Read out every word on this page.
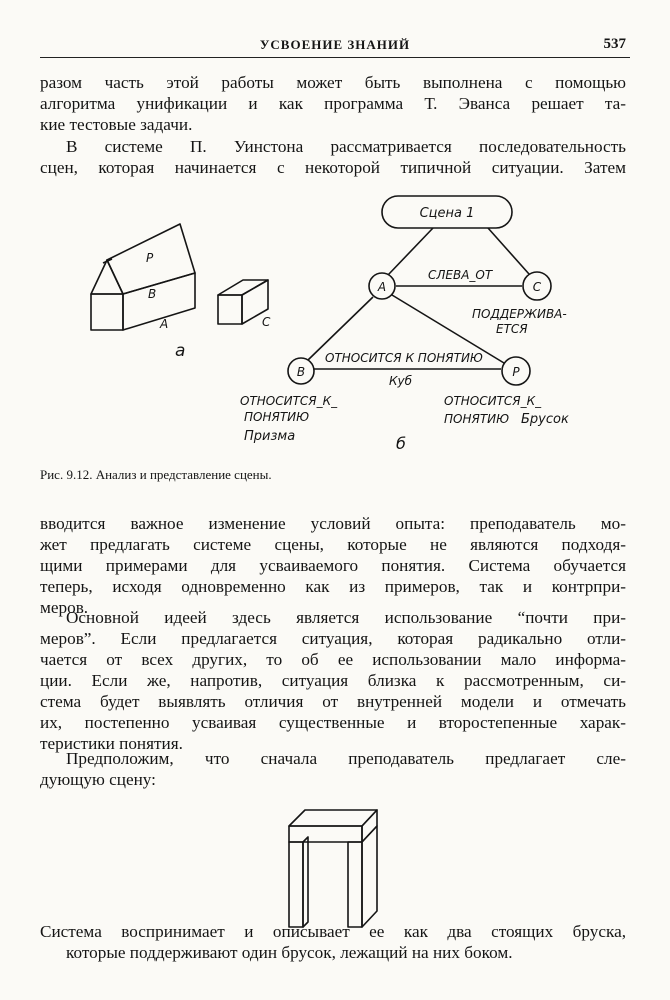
УСВОЕНИЕ ЗНАНИЙ	537
разом часть этой работы может быть выполнена с помощью
алгоритма унификации и как программа Т. Эванса решает та-
кие тестовые задачи.
В системе П. Уинстона рассматривается последовательность
сцен, которая начинается с некоторой типичной ситуации. Затем
P
B
A	C
а
Сцена 1
A	C
B	P
СЛЕВА_ОТ
ПОДДЕРЖИВА-
ЕТСЯ
ОТНОСИТСЯ К ПОНЯТИЮ
Куб
ОТНОСИТСЯ_К_
ПОНЯТИЮ
Призма
ОТНОСИТСЯ_К_
ПОНЯТИЮ Брусок
б
Рис. 9.12. Анализ и представление сцены.
вводится важное изменение условий опыта: преподаватель мо-
жет предлагать системе сцены, которые не являются подходя-
щими примерами для усваиваемого понятия. Система обучается
теперь, исходя одновременно как из примеров, так и контрпри-
меров.
Основной идеей здесь является использование “почти при-
меров”. Если предлагается ситуация, которая радикально отли-
чается от всех других, то об ее использовании мало информа-
ции. Если же, напротив, ситуация близка к рассмотренным, си-
стема будет выявлять отличия от внутренней модели и отмечать
их, постепенно усваивая существенные и второстепенные харак-
теристики понятия.
Предположим, что сначала преподаватель предлагает сле-
дующую сцену:
Система воспринимает и описывает ее как два стоящих бруска,
которые поддерживают один брусок, лежащий на них боком.
